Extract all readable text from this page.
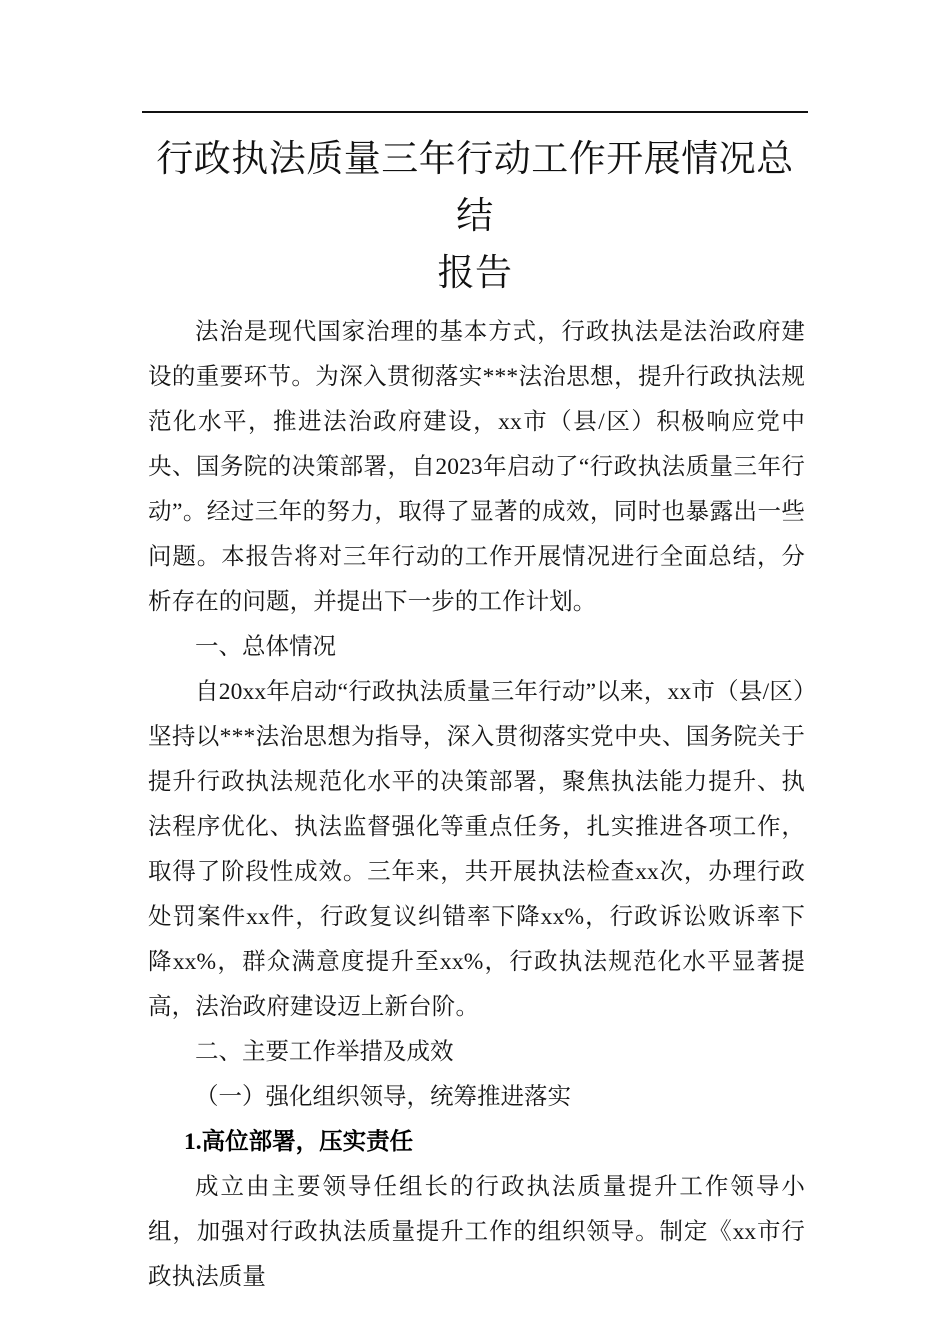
行政执法质量三年行动工作开展情况总结
报告

法治是现代国家治理的基本方式，行政执法是法治政府建设的重要环节。为深入贯彻落实***法治思想，提升行政执法规范化水平，推进法治政府建设，xx市（县/区）积极响应党中央、国务院的决策部署，自2023年启动了“行政执法质量三年行动”。经过三年的努力，取得了显著的成效，同时也暴露出一些问题。本报告将对三年行动的工作开展情况进行全面总结，分析存在的问题，并提出下一步的工作计划。

一、总体情况

自20xx年启动“行政执法质量三年行动”以来，xx市（县/区）坚持以***法治思想为指导，深入贯彻落实党中央、国务院关于提升行政执法规范化水平的决策部署，聚焦执法能力提升、执法程序优化、执法监督强化等重点任务，扎实推进各项工作，取得了阶段性成效。三年来，共开展执法检查xx次，办理行政处罚案件xx件，行政复议纠错率下降xx%，行政诉讼败诉率下降xx%，群众满意度提升至xx%，行政执法规范化水平显著提高，法治政府建设迈上新台阶。

二、主要工作举措及成效
（一）强化组织领导，统筹推进落实
1.高位部署，压实责任

成立由主要领导任组长的行政执法质量提升工作领导小组，加强对行政执法质量提升工作的组织领导。制定《xx市行政执法质量
